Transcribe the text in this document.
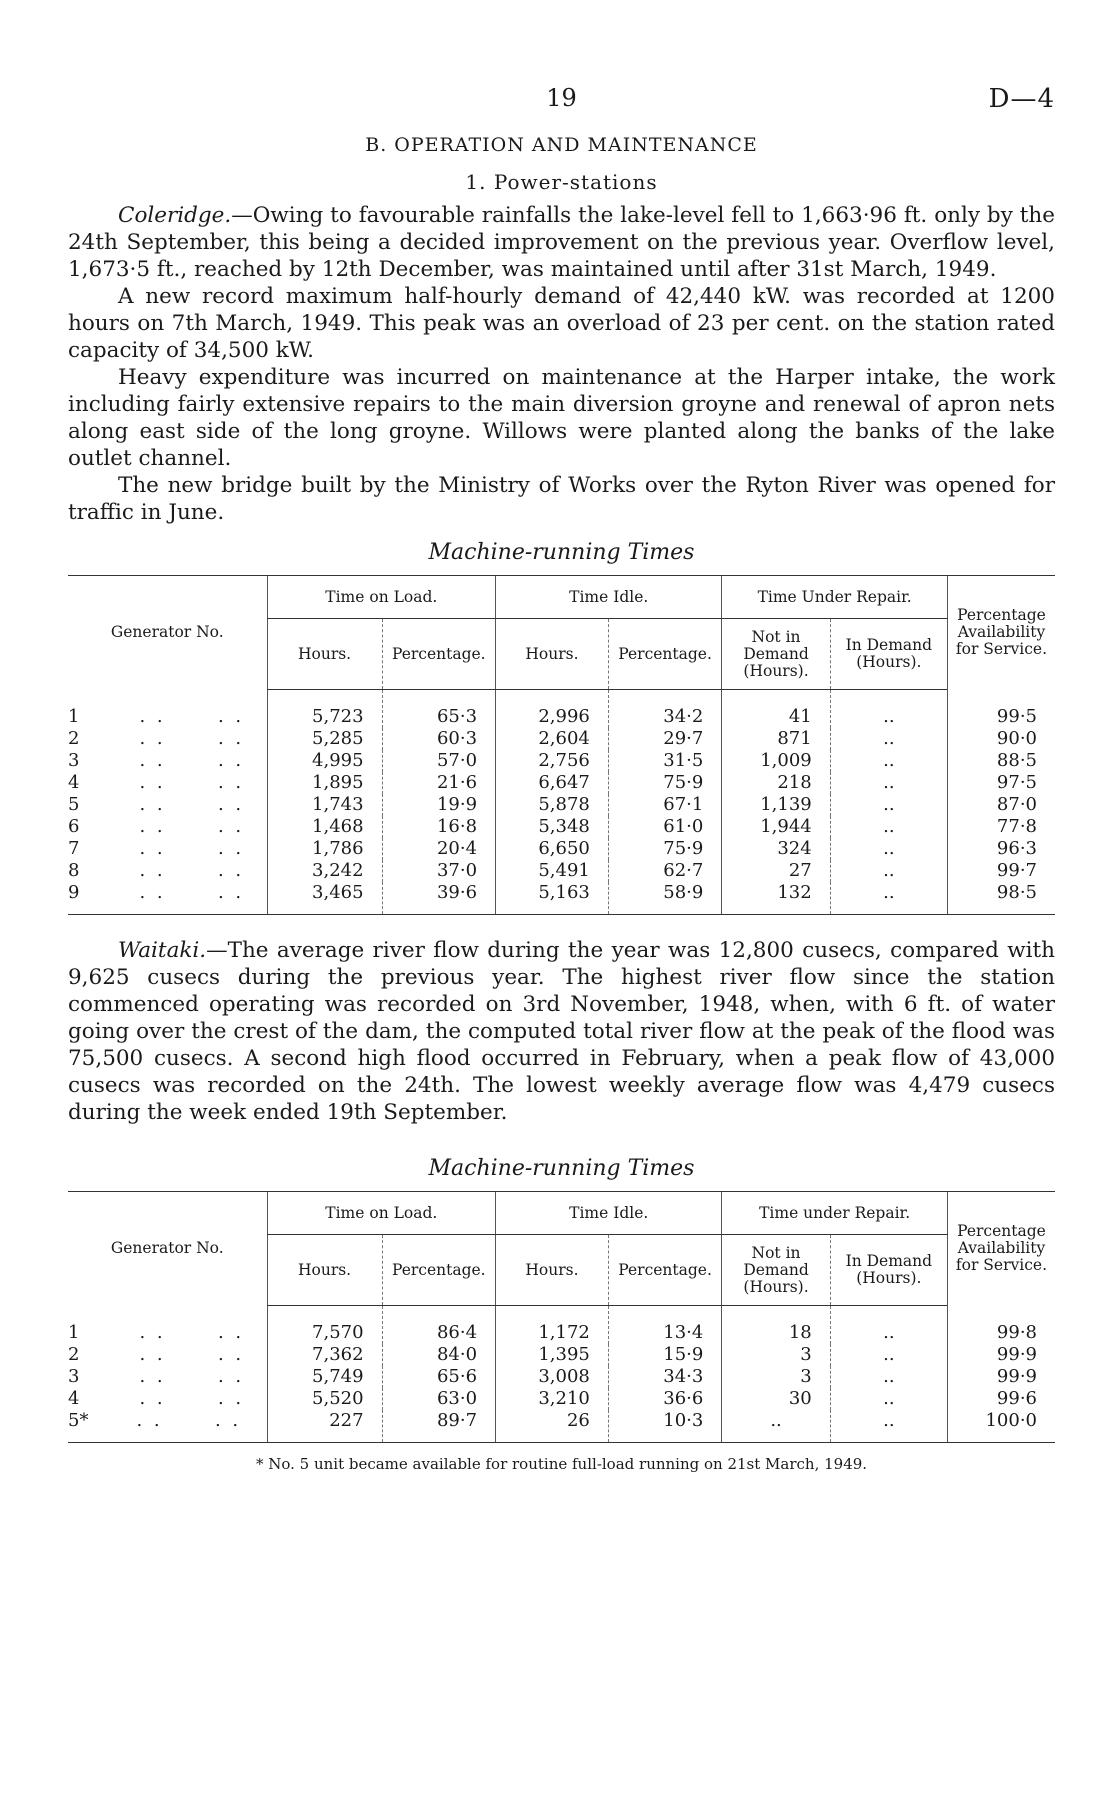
19	D—4
B. OPERATION AND MAINTENANCE
1. Power-stations

Coleridge.—Owing to favourable rainfalls the lake-level fell to 1,663·96 ft. only by the 24th September, this being a decided improvement on the previous year. Overflow level, 1,673·5 ft., reached by 12th December, was maintained until after 31st March, 1949.

A new record maximum half-hourly demand of 42,440 kW. was recorded at 1200 hours on 7th March, 1949. This peak was an overload of 23 per cent. on the station rated capacity of 34,500 kW.

Heavy expenditure was incurred on maintenance at the Harper intake, the work including fairly extensive repairs to the main diversion groyne and renewal of apron nets along east side of the long groyne. Willows were planted along the banks of the lake outlet channel.

The new bridge built by the Ministry of Works over the Ryton River was opened for traffic in June.

Machine-running Times
Generator No.	Time on Load.		Time Idle.		Time Under Repair.		Percentage Availability for Service.
	Hours.	Percentage.	Hours.	Percentage.	Not in Demand (Hours).	In Demand (Hours).	
1 . .      . .	5,723	65·3	2,996	34·2	41	..	99·5
2 . .      . .	5,285	60·3	2,604	29·7	871	..	90·0
3 . .      . .	4,995	57·0	2,756	31·5	1,009	..	88·5
4 . .      . .	1,895	21·6	6,647	75·9	218	..	97·5
5 . .      . .	1,743	19·9	5,878	67·1	1,139	..	87·0
6 . .      . .	1,468	16·8	5,348	61·0	1,944	..	77·8
7 . .      . .	1,786	20·4	6,650	75·9	324	..	96·3
8 . .      . .	3,242	37·0	5,491	62·7	27	..	99·7
9 . .      . .	3,465	39·6	5,163	58·9	132	..	98·5

Waitaki.—The average river flow during the year was 12,800 cusecs, compared with 9,625 cusecs during the previous year. The highest river flow since the station commenced operating was recorded on 3rd November, 1948, when, with 6 ft. of water going over the crest of the dam, the computed total river flow at the peak of the flood was 75,500 cusecs. A second high flood occurred in February, when a peak flow of 43,000 cusecs was recorded on the 24th. The lowest weekly average flow was 4,479 cusecs during the week ended 19th September.

Machine-running Times
Generator No.	Time on Load.		Time Idle.		Time under Repair.		Percentage Availability for Service.
	Hours.	Percentage.	Hours.	Percentage.	Not in Demand (Hours).	In Demand (Hours).	
1 . .      . .	7,570	86·4	1,172	13·4	18	..	99·8
2 . .      . .	7,362	84·0	1,395	15·9	3	..	99·9
3 . .      . .	5,749	65·6	3,008	34·3	3	..	99·9
4 . .      . .	5,520	63·0	3,210	36·6	30	..	99·6
5* . .      . .	227	89·7	26	10·3	..	..	100·0
* No. 5 unit became available for routine full-load running on 21st March, 1949.
